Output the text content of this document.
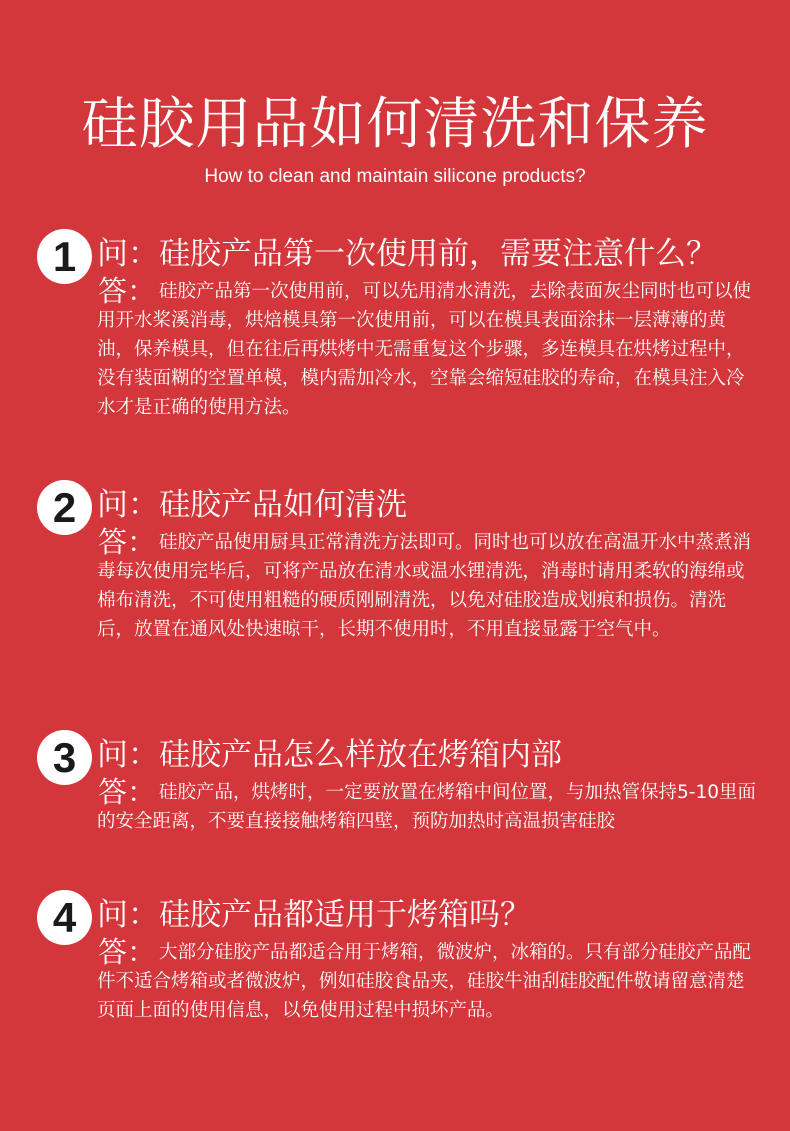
硅胶用品如何清洗和保养
How to clean and maintain silicone products?
1 问：硅胶产品第一次使用前，需要注意什么？
答： 硅胶产品第一次使用前，可以先用清水清洗，去除表面灰尘同时也可以使用开水桨溪消毒，烘焙模具第一次使用前，可以在模具表面涂抹一层薄薄的黄油，保养模具，但在往后再烘烤中无需重复这个步骤，多连模具在烘烤过程中，没有装面糊的空置单模，模内需加冷水，空靠会缩短硅胶的寿命，在模具注入冷水才是正确的使用方法。
2 问：硅胶产品如何清洗
答： 硅胶产品使用厨具正常清洗方法即可。同时也可以放在高温开水中蒸煮消毒每次使用完毕后，可将产品放在清水或温水锂清洗，消毒时请用柔软的海绵或棉布清洗，不可使用粗糙的硬质刚刷清洗，以免对硅胶造成划痕和损伤。清洗后，放置在通风处快速晾干，长期不使用时，不用直接显露于空气中。
3 问：硅胶产品怎么样放在烤箱内部
答： 硅胶产品，烘烤时，一定要放置在烤箱中间位置，与加热管保持5-10里面的安全距离，不要直接接触烤箱四壁，预防加热时高温损害硅胶
4 问：硅胶产品都适用于烤箱吗？
答： 大部分硅胶产品都适合用于烤箱，微波炉，冰箱的。只有部分硅胶产品配件不适合烤箱或者微波炉，例如硅胶食品夹，硅胶牛油刮硅胶配件敬请留意清楚页面上面的使用信息，以免使用过程中损坏产品。
